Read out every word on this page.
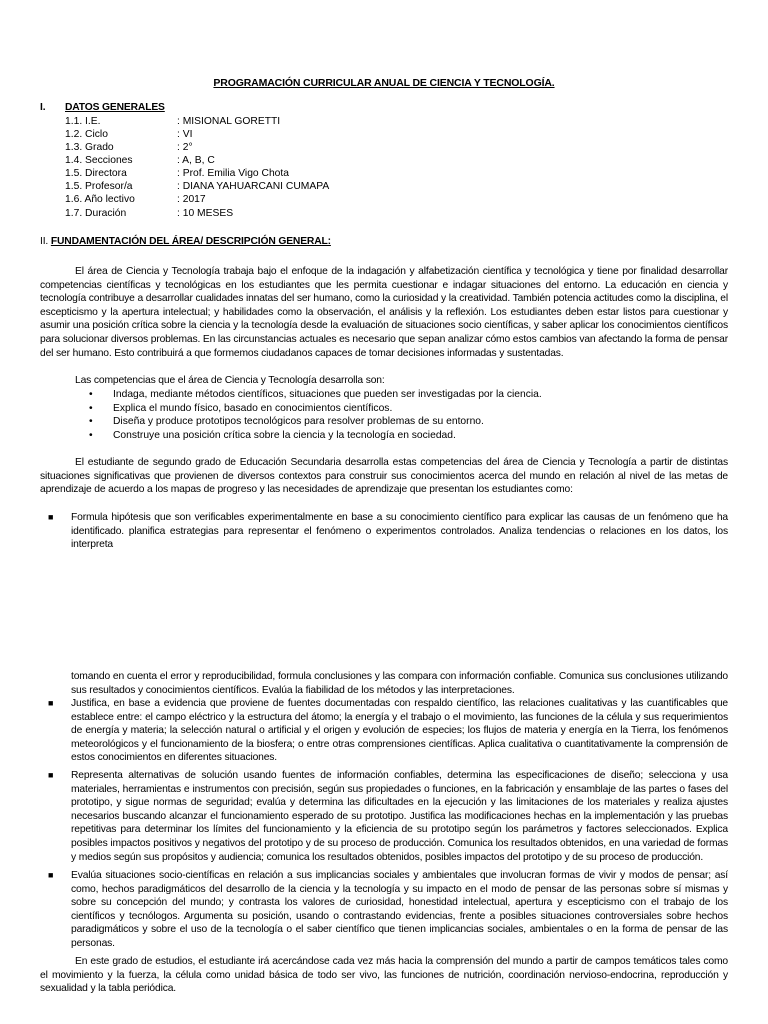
PROGRAMACIÓN CURRICULAR ANUAL DE CIENCIA Y TECNOLOGÍA.
I. DATOS GENERALES
1.1. I.E.	: MISIONAL GORETTI
1.2. Ciclo	: VI
1.3. Grado	: 2°
1.4. Secciones	: A, B, C
1.5. Directora	: Prof. Emilia Vigo Chota
1.5. Profesor/a	: DIANA YAHUARCANI CUMAPA
1.6. Año lectivo	: 2017
1.7. Duración	: 10 MESES
II. FUNDAMENTACIÓN DEL ÁREA/ DESCRIPCIÓN GENERAL:
El área de Ciencia y Tecnología trabaja bajo el enfoque de la indagación y alfabetización científica y tecnológica y tiene por finalidad desarrollar competencias científicas y tecnológicas en los estudiantes que les permita cuestionar e indagar situaciones del entorno. La educación en ciencia y tecnología contribuye a desarrollar cualidades innatas del ser humano, como la curiosidad y la creatividad. También potencia actitudes como la disciplina, el escepticismo y la apertura intelectual; y habilidades como la observación, el análisis y la reflexión. Los estudiantes deben estar listos para cuestionar y asumir una posición crítica sobre la ciencia y la tecnología desde la evaluación de situaciones socio científicas, y saber aplicar los conocimientos científicos para solucionar diversos problemas. En las circunstancias actuales es necesario que sepan analizar cómo estos cambios van afectando la forma de pensar del ser humano. Esto contribuirá a que formemos ciudadanos capaces de tomar decisiones informadas y sustentadas.
Las competencias que el área de Ciencia y Tecnología desarrolla son:
• Indaga, mediante métodos científicos, situaciones que pueden ser investigadas por la ciencia.
• Explica el mundo físico, basado en conocimientos científicos.
• Diseña y produce prototipos tecnológicos para resolver problemas de su entorno.
• Construye una posición crítica sobre la ciencia y la tecnología en sociedad.
El estudiante de segundo grado de Educación Secundaria desarrolla estas competencias del área de Ciencia y Tecnología a partir de distintas situaciones significativas que provienen de diversos contextos para construir sus conocimientos acerca del mundo en relación al nivel de las metas de aprendizaje de acuerdo a los mapas de progreso y las necesidades de aprendizaje que presentan los estudiantes como:
■ Formula hipótesis que son verificables experimentalmente en base a su conocimiento científico para explicar las causas de un fenómeno que ha identificado. planifica estrategias para representar el fenómeno o experimentos controlados. Analiza tendencias o relaciones en los datos, los interpreta
tomando en cuenta el error y reproducibilidad, formula conclusiones y las compara con información confiable. Comunica sus conclusiones utilizando sus resultados y conocimientos científicos. Evalúa la fiabilidad de los métodos y las interpretaciones.
■ Justifica, en base a evidencia que proviene de fuentes documentadas con respaldo científico, las relaciones cualitativas y las cuantificables que establece entre: el campo eléctrico y la estructura del átomo; la energía y el trabajo o el movimiento, las funciones de la célula y sus requerimientos de energía y materia; la selección natural o artificial y el origen y evolución de especies; los flujos de materia y energía en la Tierra, los fenómenos meteorológicos y el funcionamiento de la biosfera; o entre otras comprensiones científicas. Aplica cualitativa o cuantitativamente la comprensión de estos conocimientos en diferentes situaciones.
■ Representa alternativas de solución usando fuentes de información confiables, determina las especificaciones de diseño; selecciona y usa materiales, herramientas e instrumentos con precisión, según sus propiedades o funciones, en la fabricación y ensamblaje de las partes o fases del prototipo, y sigue normas de seguridad; evalúa y determina las dificultades en la ejecución y las limitaciones de los materiales y realiza ajustes necesarios buscando alcanzar el funcionamiento esperado de su prototipo. Justifica las modificaciones hechas en la implementación y las pruebas repetitivas para determinar los límites del funcionamiento y la eficiencia de su prototipo según los parámetros y factores seleccionados. Explica posibles impactos positivos y negativos del prototipo y de su proceso de producción. Comunica los resultados obtenidos, en una variedad de formas y medios según sus propósitos y audiencia; comunica los resultados obtenidos, posibles impactos del prototipo y de su proceso de producción.
■ Evalúa situaciones socio-científicas en relación a sus implicancias sociales y ambientales que involucran formas de vivir y modos de pensar; así como, hechos paradigmáticos del desarrollo de la ciencia y la tecnología y su impacto en el modo de pensar de las personas sobre sí mismas y sobre su concepción del mundo; y contrasta los valores de curiosidad, honestidad intelectual, apertura y escepticismo con el trabajo de los científicos y tecnólogos. Argumenta su posición, usando o contrastando evidencias, frente a posibles situaciones controversiales sobre hechos paradigmáticos y sobre el uso de la tecnología o el saber científico que tienen implicancias sociales, ambientales o en la forma de pensar de las personas.
En este grado de estudios, el estudiante irá acercándose cada vez más hacia la comprensión del mundo a partir de campos temáticos tales como el movimiento y la fuerza, la célula como unidad básica de todo ser vivo, las funciones de nutrición, coordinación nervioso-endocrina, reproducción y sexualidad y la tabla periódica.
